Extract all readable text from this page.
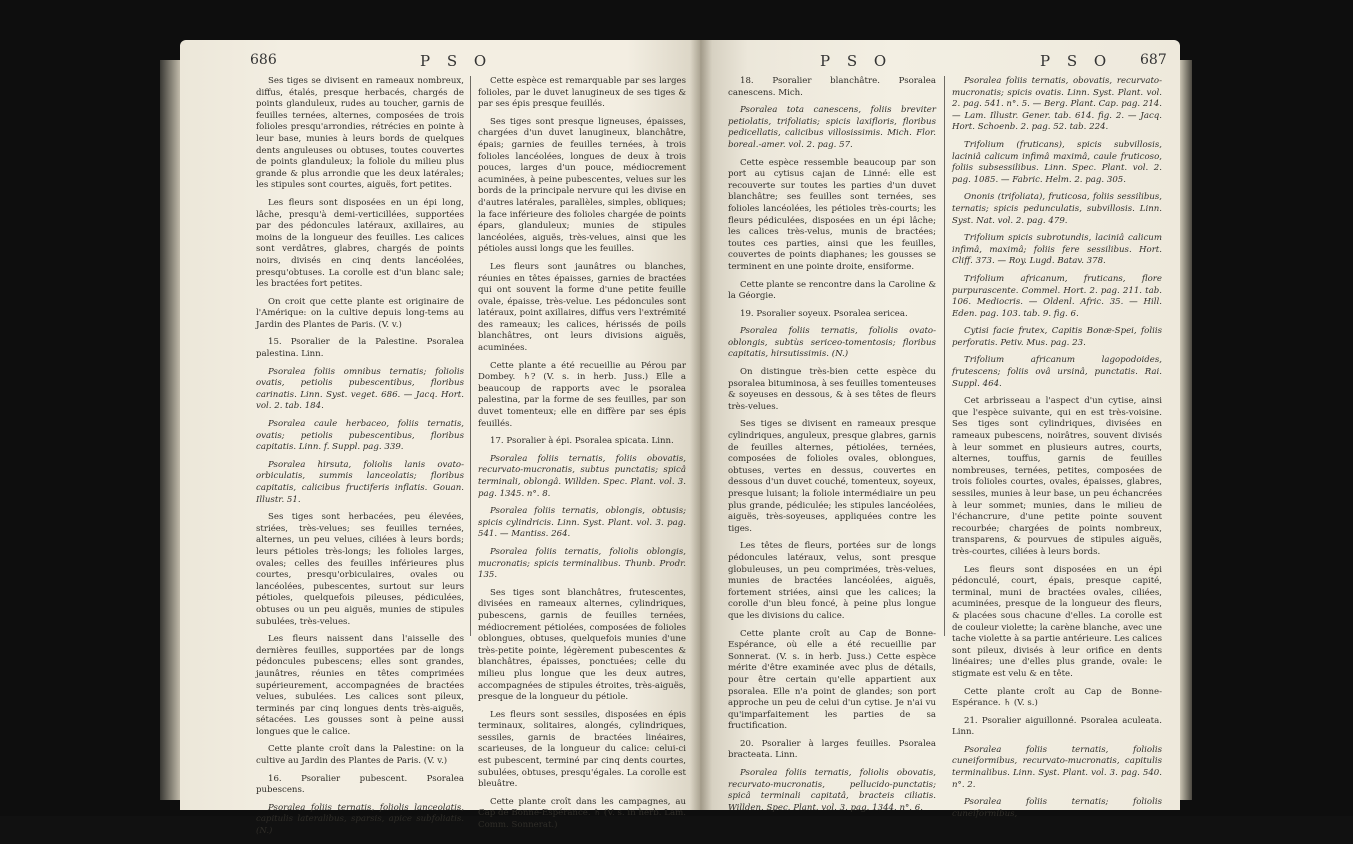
686	P S O

Ses tiges se divisent en rameaux nombreux, diffus, étalés, presque herbacés, chargés de points glanduleux, rudes au toucher, garnis de feuilles ternées, alternes, composées de trois folioles presqu'arrondies, rétrécies en pointe à leur base, munies à leurs bords de quelques dents anguleuses ou obtuses, toutes couvertes de points glanduleux; la foliole du milieu plus grande & plus arrondie que les deux latérales; les stipules sont courtes, aiguës, fort petites.

Les fleurs sont disposées en un épi long, lâche, presqu'à demi-verticillées, supportées par des pédoncules latéraux, axillaires, au moins de la longueur des feuilles. Les calices sont verdâtres, glabres, chargés de points noirs, divisés en cinq dents lancéolées, presqu'obtuses. La corolle est d'un blanc sale; les bractées fort petites.

On croit que cette plante est originaire de l'Amérique: on la cultive depuis long-tems au Jardin des Plantes de Paris. (V. v.)

15. Psoralier de la Palestine. Psoralea palestina. Linn.

Psoralea foliis omnibus ternatis; foliolis ovatis, petiolis pubescentibus, floribus carinatis. Linn. Syst. veget. 686. — Jacq. Hort. vol. 2. tab. 184.

Psoralea caule herbaceo, foliis ternatis, ovatis; petiolis pubescentibus, floribus capitatis. Linn. f. Suppl. pag. 339.

Psoralea hirsuta, foliolis lanis ovato-orbiculatis, summis lanceolatis; floribus capitatis, calicibus fructiferis inflatis. Gouan. Illustr. 51.

Ses tiges sont herbacées, peu élevées, striées, très-velues; ses feuilles ternées, alternes, un peu velues, ciliées à leurs bords; leurs pétioles très-longs; les folioles larges, ovales; celles des feuilles inférieures plus courtes, presqu'orbiculaires, ovales ou lancéolées, pubescentes, surtout sur leurs pétioles, quelquefois pileuses, pédiculées, obtuses ou un peu aiguës, munies de stipules subulées, très-velues.

Les fleurs naissent dans l'aisselle des dernières feuilles, supportées par de longs pédoncules pubescens; elles sont grandes, jaunâtres, réunies en têtes comprimées supérieurement, accompagnées de bractées velues, subulées. Les calices sont pileux, terminés par cinq longues dents très-aiguës, sétacées. Les gousses sont à peine aussi longues que le calice.

Cette plante croît dans la Palestine: on la cultive au Jardin des Plantes de Paris. (V. v.)

16. Psoralier pubescent. Psoralea pubescens.

Psoralea foliis ternatis, foliolis lanceolatis, capitulis lateralibus, sparsis, apice subfoliatis. (N.)

Cette espèce est remarquable par ses larges folioles, par le duvet lanugineux de ses tiges & par ses épis presque feuillés.

Ses tiges sont presque ligneuses, épaisses, chargées d'un duvet lanugineux, blanchâtre, épais; garnies de feuilles ternées, à trois folioles lancéolées, longues de deux à trois pouces, larges d'un pouce, médiocrement acuminées, à peine pubescentes, velues sur les bords de la principale nervure qui les divise en d'autres latérales, parallèles, simples, obliques; la face inférieure des folioles chargée de points épars, glanduleux; munies de stipules lancéolées, aiguës, très-velues, ainsi que les pétioles aussi longs que les feuilles.

Les fleurs sont jaunâtres ou blanches, réunies en têtes épaisses, garnies de bractées qui ont souvent la forme d'une petite feuille ovale, épaisse, très-velue. Les pédoncules sont latéraux, point axillaires, diffus vers l'extrémité des rameaux; les calices, hérissés de poils blanchâtres, ont leurs divisions aiguës, acuminées.

Cette plante a été recueillie au Pérou par Dombey. ♄? (V. s. in herb. Juss.) Elle a beaucoup de rapports avec le psoralea palestina, par la forme de ses feuilles, par son duvet tomenteux; elle en diffère par ses épis feuillés.

17. Psoralier à épi. Psoralea spicata. Linn.

Psoralea foliis ternatis, foliis obovatis, recurvato-mucronatis, subtus punctatis; spicâ terminali, oblongâ. Willden. Spec. Plant. vol. 3. pag. 1345. n°. 8.

Psoralea foliis ternatis, oblongis, obtusis; spicis cylindricis. Linn. Syst. Plant. vol. 3. pag. 541. — Mantiss. 264.

Psoralea foliis ternatis, foliolis oblongis, mucronatis; spicis terminalibus. Thunb. Prodr. 135.

Ses tiges sont blanchâtres, frutescentes, divisées en rameaux alternes, cylindriques, pubescens, garnis de feuilles ternées, médiocrement pétiolées, composées de folioles oblongues, obtuses, quelquefois munies d'une très-petite pointe, légèrement pubescentes & blanchâtres, épaisses, ponctuées; celle du milieu plus longue que les deux autres, accompagnées de stipules étroites, très-aiguës, presque de la longueur du pétiole.

Les fleurs sont sessiles, disposées en épis terminaux, solitaires, alongés, cylindriques, sessiles, garnis de bractées linéaires, scarieuses, de la longueur du calice: celui-ci est pubescent, terminé par cinq dents courtes, subulées, obtuses, presqu'égales. La corolle est bleuâtre.

Cette plante croît dans les campagnes, au Cap de Bonne-Espérance. ♄ (V. s. in herb. Lam. Comm. Sonnerat.)

P S O	P S O 687

18. Psoralier blanchâtre. Psoralea canescens. Mich.

Psoralea tota canescens, foliis breviter petiolatis, trifoliatis; spicis laxifloris, floribus pedicellatis, calicibus villosissimis. Mich. Flor. boreal.-amer. vol. 2. pag. 57.

Cette espèce ressemble beaucoup par son port au cytisus cajan de Linné: elle est recouverte sur toutes les parties d'un duvet blanchâtre; ses feuilles sont ternées, ses folioles lancéolées, les pétioles très-courts; les fleurs pédiculées, disposées en un épi lâche; les calices très-velus, munis de bractées; toutes ces parties, ainsi que les feuilles, couvertes de points diaphanes; les gousses se terminent en une pointe droite, ensiforme.

Cette plante se rencontre dans la Caroline & la Géorgie.

19. Psoralier soyeux. Psoralea sericea.

Psoralea foliis ternatis, foliolis ovato-oblongis, subtùs sericeo-tomentosis; floribus capitatis, hirsutissimis. (N.)

On distingue très-bien cette espèce du psoralea bituminosa, à ses feuilles tomenteuses & soyeuses en dessous, & à ses têtes de fleurs très-velues.

Ses tiges se divisent en rameaux presque cylindriques, anguleux, presque glabres, garnis de feuilles alternes, pétiolées, ternées, composées de folioles ovales, oblongues, obtuses, vertes en dessus, couvertes en dessous d'un duvet couché, tomenteux, soyeux, presque luisant; la foliole intermédiaire un peu plus grande, pédiculée; les stipules lancéolées, aiguës, très-soyeuses, appliquées contre les tiges.

Les têtes de fleurs, portées sur de longs pédoncules latéraux, velus, sont presque globuleuses, un peu comprimées, très-velues, munies de bractées lancéolées, aiguës, fortement striées, ainsi que les calices; la corolle d'un bleu foncé, à peine plus longue que les divisions du calice.

Cette plante croît au Cap de Bonne-Espérance, où elle a été recueillie par Sonnerat. (V. s. in herb. Juss.) Cette espèce mérite d'être examinée avec plus de détails, pour être certain qu'elle appartient aux psoralea. Elle n'a point de glandes; son port approche un peu de celui d'un cytise. Je n'ai vu qu'imparfaitement les parties de sa fructification.

20. Psoralier à larges feuilles. Psoralea bracteata. Linn.

Psoralea foliis ternatis, foliolis obovatis, recurvato-mucronatis, pellucido-punctatis; spicâ terminali capitatâ, bracteis ciliatis. Willden. Spec. Plant. vol. 3. pag. 1344. n°. 6.

Psoralea foliis ternatis, obovatis, recurvato-mucronatis; spicis ovatis. Linn. Syst. Plant. vol. 2. pag. 541. n°. 5. — Berg. Plant. Cap. pag. 214. — Lam. Illustr. Gener. tab. 614. fig. 2. — Jacq. Hort. Schoenb. 2. pag. 52. tab. 224.

Trifolium (fruticans), spicis subvillosis, laciniâ calicum infimâ maximâ, caule fruticoso, foliis subsessilibus. Linn. Spec. Plant. vol. 2. pag. 1085. — Fabric. Helm. 2. pag. 305.

Ononis (trifoliata), fruticosa, foliis sessilibus, ternatis; spicis pedunculatis, subvillosis. Linn. Syst. Nat. vol. 2. pag. 479.

Trifolium spicis subrotundis, laciniâ calicum infimâ, maximâ; foliis fere sessilibus. Hort. Cliff. 373. — Roy. Lugd. Batav. 378.

Trifolium africanum, fruticans, flore purpurascente. Commel. Hort. 2. pag. 211. tab. 106. Mediocris. — Oldenl. Afric. 35. — Hill. Eden. pag. 103. tab. 9. fig. 6.

Cytisi facie frutex, Capitis Bonæ-Spei, foliis perforatis. Petiv. Mus. pag. 23.

Trifolium africanum lagopodoides, frutescens; foliis ovâ ursinâ, punctatis. Rai. Suppl. 464.

Cet arbrisseau a l'aspect d'un cytise, ainsi que l'espèce suivante, qui en est très-voisine. Ses tiges sont cylindriques, divisées en rameaux pubescens, noirâtres, souvent divisés à leur sommet en plusieurs autres, courts, alternes, touffus, garnis de feuilles nombreuses, ternées, petites, composées de trois folioles courtes, ovales, épaisses, glabres, sessiles, munies à leur base, un peu échancrées à leur sommet; munies, dans le milieu de l'échancrure, d'une petite pointe souvent recourbée; chargées de points nombreux, transparens, & pourvues de stipules aiguës, très-courtes, ciliées à leurs bords.

Les fleurs sont disposées en un épi pédonculé, court, épais, presque capité, terminal, muni de bractées ovales, ciliées, acuminées, presque de la longueur des fleurs, & placées sous chacune d'elles. La corolle est de couleur violette; la carène blanche, avec une tache violette à sa partie antérieure. Les calices sont pileux, divisés à leur orifice en dents linéaires; une d'elles plus grande, ovale: le stigmate est velu & en tête.

Cette plante croît au Cap de Bonne-Espérance. ♄ (V. s.)

21. Psoralier aiguillonné. Psoralea aculeata. Linn.

Psoralea foliis ternatis, foliolis cuneiformibus, recurvato-mucronatis, capitulis terminalibus. Linn. Syst. Plant. vol. 3. pag. 540. n°. 2.

Psoralea foliis ternatis; foliolis cuneiformibus,
